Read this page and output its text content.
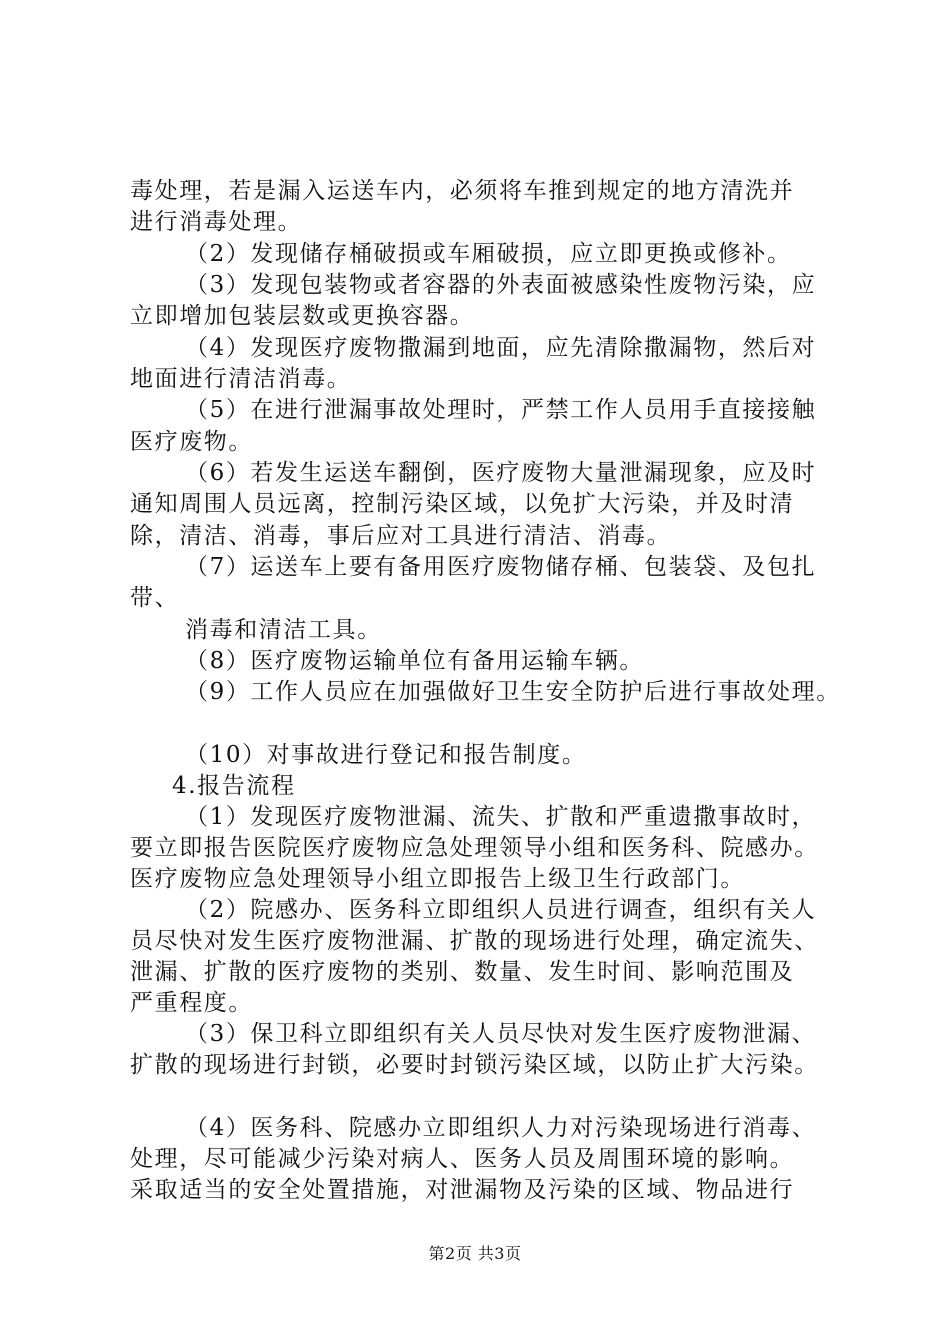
毒处理，若是漏入运送车内，必须将车推到规定的地方清洗并
进行消毒处理。
（2）发现储存桶破损或车厢破损，应立即更换或修补。
（3）发现包装物或者容器的外表面被感染性废物污染，应
立即增加包装层数或更换容器。
（4）发现医疗废物撒漏到地面，应先清除撒漏物，然后对
地面进行清洁消毒。
（5）在进行泄漏事故处理时，严禁工作人员用手直接接触
医疗废物。
（6）若发生运送车翻倒，医疗废物大量泄漏现象，应及时
通知周围人员远离，控制污染区域，以免扩大污染，并及时清
除，清洁、消毒，事后应对工具进行清洁、消毒。
（7）运送车上要有备用医疗废物储存桶、包装袋、及包扎
带、
消毒和清洁工具。
（8）医疗废物运输单位有备用运输车辆。
（9）工作人员应在加强做好卫生安全防护后进行事故处理。
（10）对事故进行登记和报告制度。
4.报告流程
（1）发现医疗废物泄漏、流失、扩散和严重遗撒事故时，
要立即报告医院医疗废物应急处理领导小组和医务科、院感办。
医疗废物应急处理领导小组立即报告上级卫生行政部门。
（2）院感办、医务科立即组织人员进行调查，组织有关人
员尽快对发生医疗废物泄漏、扩散的现场进行处理，确定流失、
泄漏、扩散的医疗废物的类别、数量、发生时间、影响范围及
严重程度。
（3）保卫科立即组织有关人员尽快对发生医疗废物泄漏、
扩散的现场进行封锁，必要时封锁污染区域，以防止扩大污染。
（4）医务科、院感办立即组织人力对污染现场进行消毒、
处理，尽可能减少污染对病人、医务人员及周围环境的影响。
采取适当的安全处置措施，对泄漏物及污染的区域、物品进行
第2页 共3页
